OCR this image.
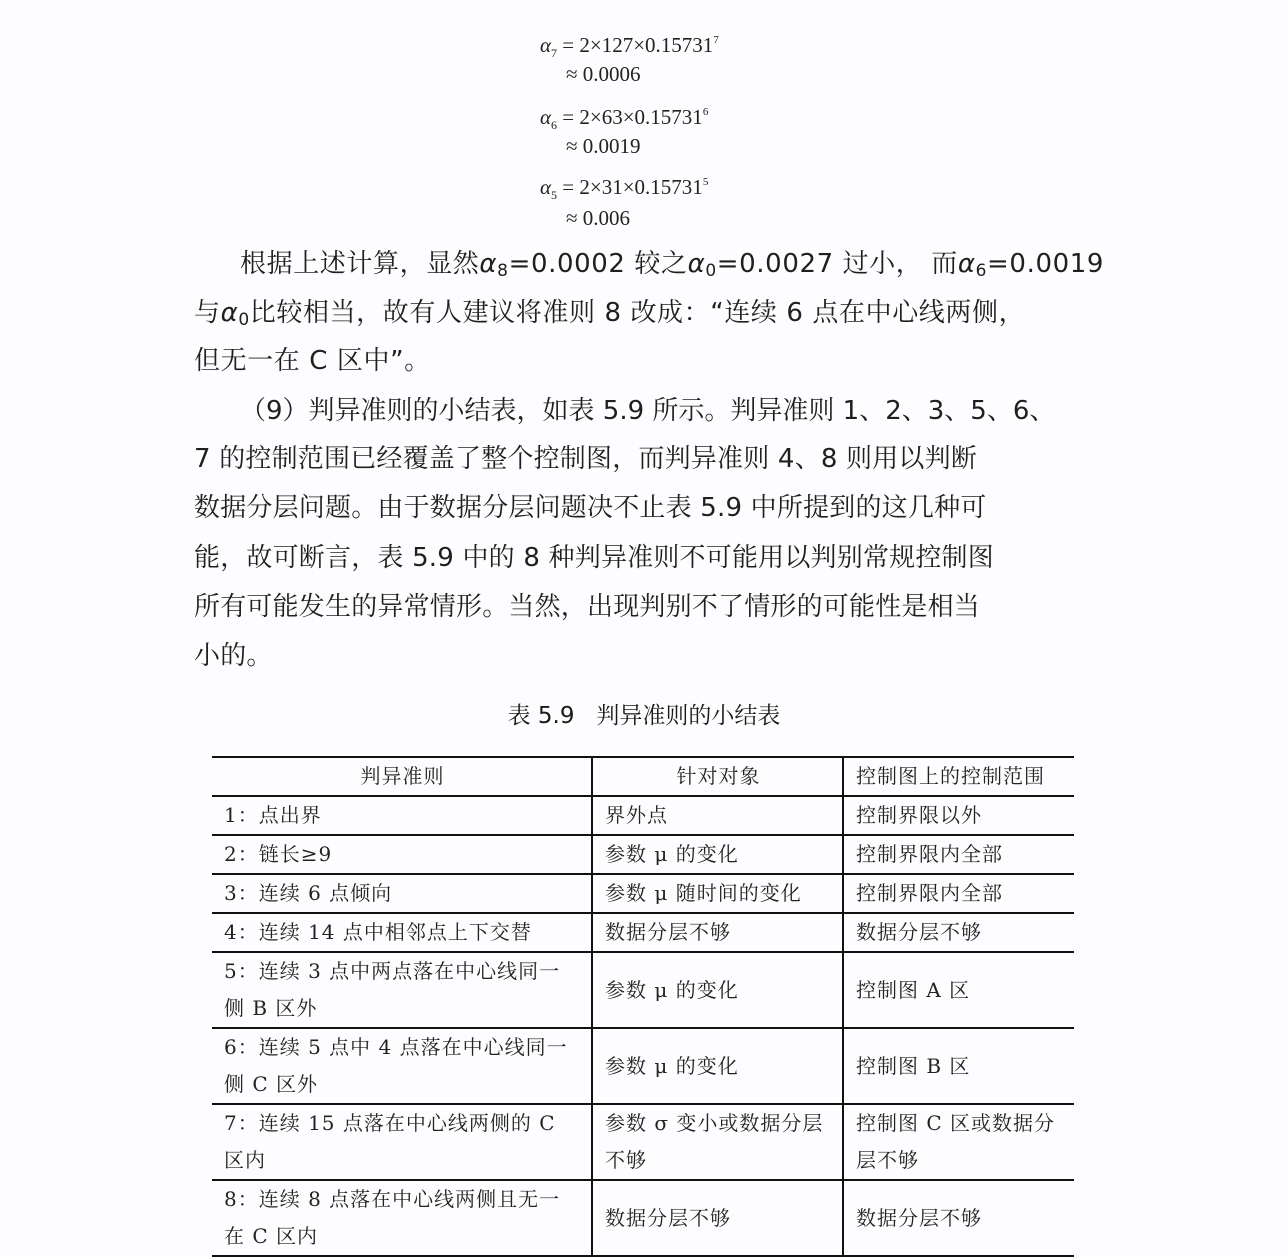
$\alpha_7 = 2\times 127\times 0.15731^7$
≈ 0.0006
$\alpha_6 = 2\times 63\times 0.15731^6$
≈ 0.0019
$\alpha_5 = 2\times 31\times 0.15731^5$
≈ 0.006
根据上述计算，显然α8=0.0002 较之α0=0.0027 过小， 而α6=0.0019
与α0比较相当，故有人建议将准则 8 改成：“连续 6 点在中心线两侧，
但无一在 C 区中”。
（9）判异准则的小结表，如表 5.9 所示。判异准则 1、2、3、5、6、
7 的控制范围已经覆盖了整个控制图，而判异准则 4、8 则用以判断
数据分层问题。由于数据分层问题决不止表 5.9 中所提到的这几种可
能，故可断言，表 5.9 中的 8 种判异准则不可能用以判别常规控制图
所有可能发生的异常情形。当然，出现判别不了情形的可能性是相当
小的。
表 5.9   判异准则的小结表
判异准则	针对对象	控制图上的控制范围
1：点出界	界外点	控制界限以外
2：链长≥9	参数 μ 的变化	控制界限内全部
3：连续 6 点倾向	参数 μ 随时间的变化	控制界限内全部
4：连续 14 点中相邻点上下交替	数据分层不够	数据分层不够
5：连续 3 点中两点落在中心线同一侧 B 区外	参数 μ 的变化	控制图 A 区
6：连续 5 点中 4 点落在中心线同一侧 C 区外	参数 μ 的变化	控制图 B 区
7：连续 15 点落在中心线两侧的 C 区内	参数 σ 变小或数据分层不够	控制图 C 区或数据分层不够
8：连续 8 点落在中心线两侧且无一在 C 区内	数据分层不够	数据分层不够
